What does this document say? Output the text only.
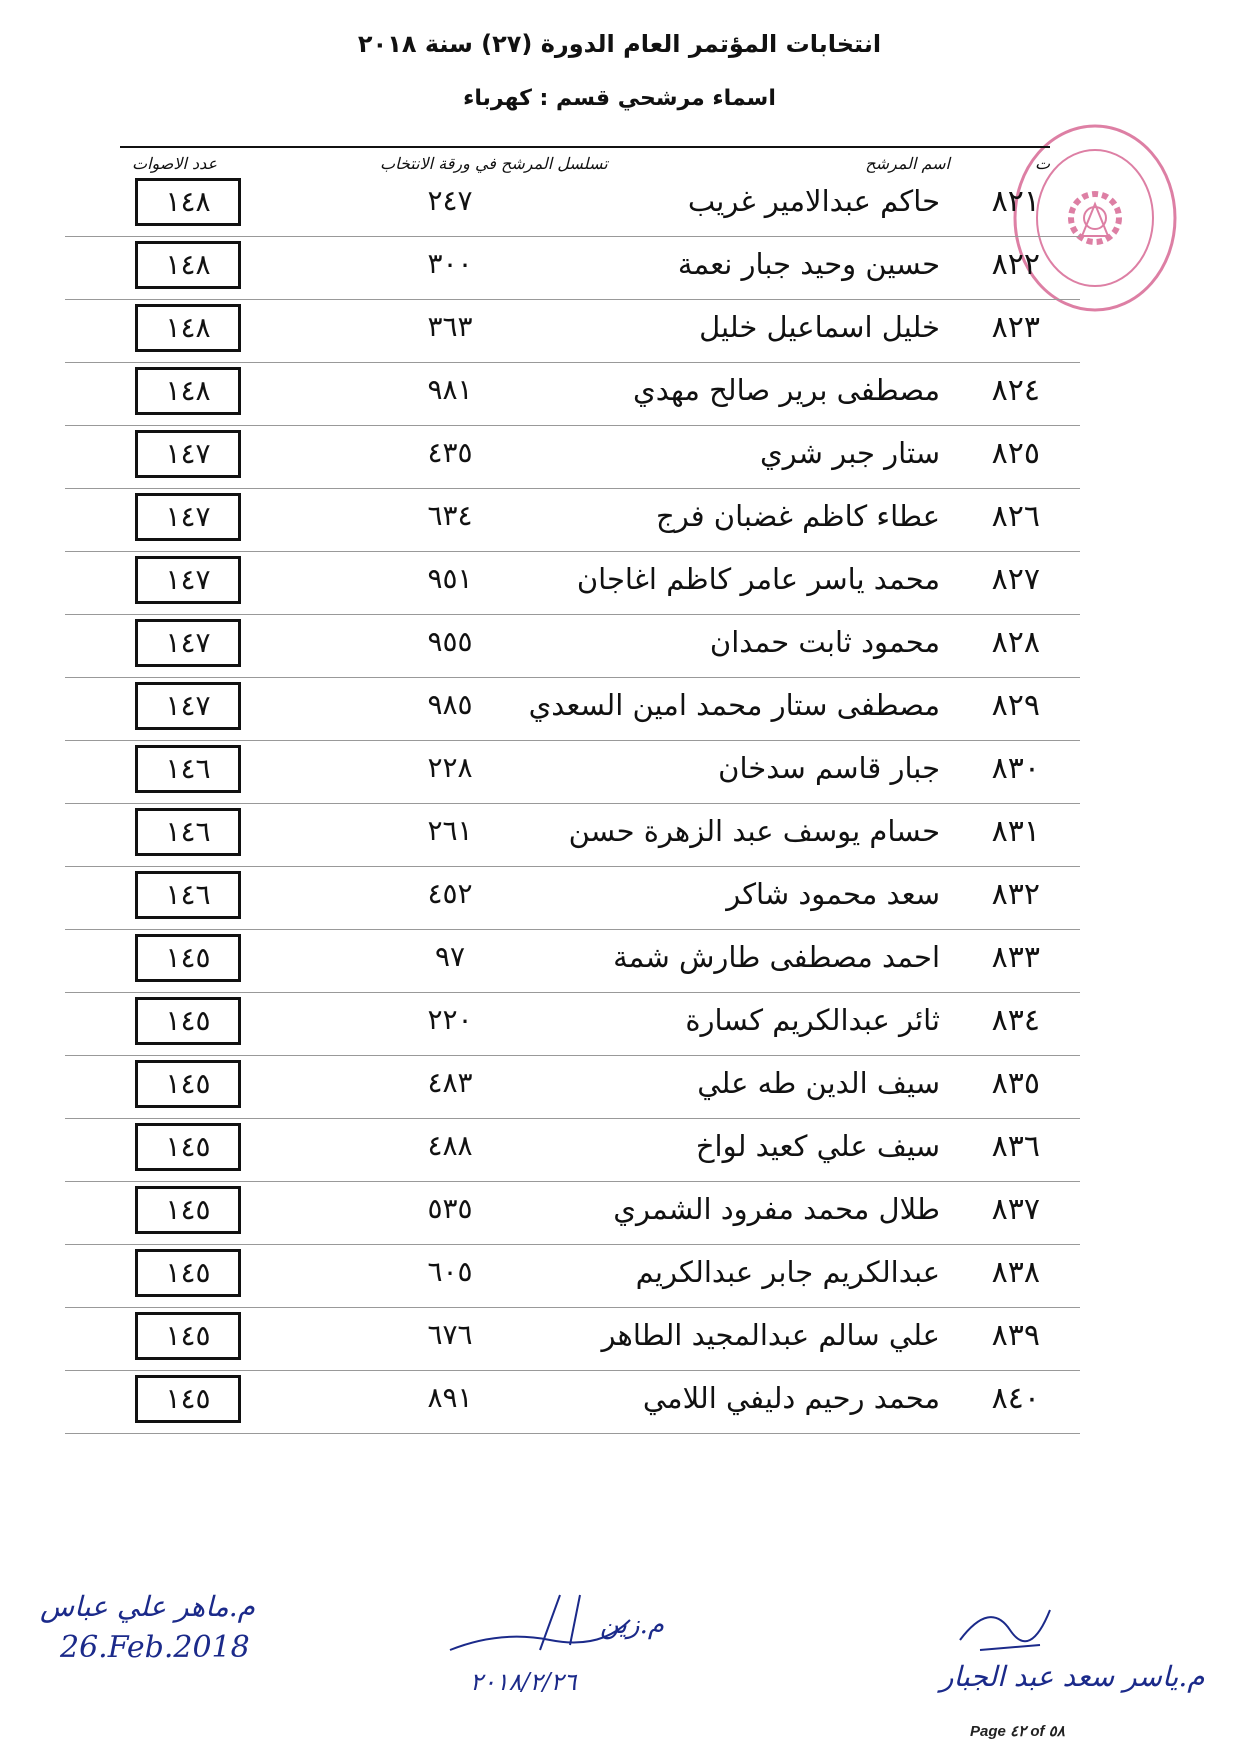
انتخابات المؤتمر العام الدورة (٢٧) سنة ٢٠١٨
اسماء مرشحي قسم : كهرباء
ت
اسم المرشح
تسلسل المرشح في ورقة الانتخاب
عدد الاصوات
٨٢١
حاكم عبدالامير غريب
٢٤٧
١٤٨
٨٢٢
حسين وحيد جبار نعمة
٣٠٠
١٤٨
٨٢٣
خليل اسماعيل خليل
٣٦٣
١٤٨
٨٢٤
مصطفى برير صالح مهدي
٩٨١
١٤٨
٨٢٥
ستار جبر شري
٤٣٥
١٤٧
٨٢٦
عطاء كاظم غضبان فرج
٦٣٤
١٤٧
٨٢٧
محمد ياسر عامر كاظم اغاجان
٩٥١
١٤٧
٨٢٨
محمود ثابت حمدان
٩٥٥
١٤٧
٨٢٩
مصطفى ستار محمد امين السعدي
٩٨٥
١٤٧
٨٣٠
جبار قاسم سدخان
٢٢٨
١٤٦
٨٣١
حسام يوسف عبد الزهرة حسن
٢٦١
١٤٦
٨٣٢
سعد محمود شاكر
٤٥٢
١٤٦
٨٣٣
احمد مصطفى طارش شمة
٩٧
١٤٥
٨٣٤
ثائر عبدالكريم كسارة
٢٢٠
١٤٥
٨٣٥
سيف الدين طه علي
٤٨٣
١٤٥
٨٣٦
سيف علي كعيد لواخ
٤٨٨
١٤٥
٨٣٧
طلال محمد مفرود الشمري
٥٣٥
١٤٥
٨٣٨
عبدالكريم جابر عبدالكريم
٦٠٥
١٤٥
٨٣٩
علي سالم عبدالمجيد الطاهر
٦٧٦
١٤٥
٨٤٠
محمد رحيم دليفي اللامي
٨٩١
١٤٥
م.ماهر علي عباس
26.Feb.2018
م.زين
٢٠١٨/٢/٢٦	م.ياسر سعد عبد الجبار
Page ٤٢ of ٥٨
